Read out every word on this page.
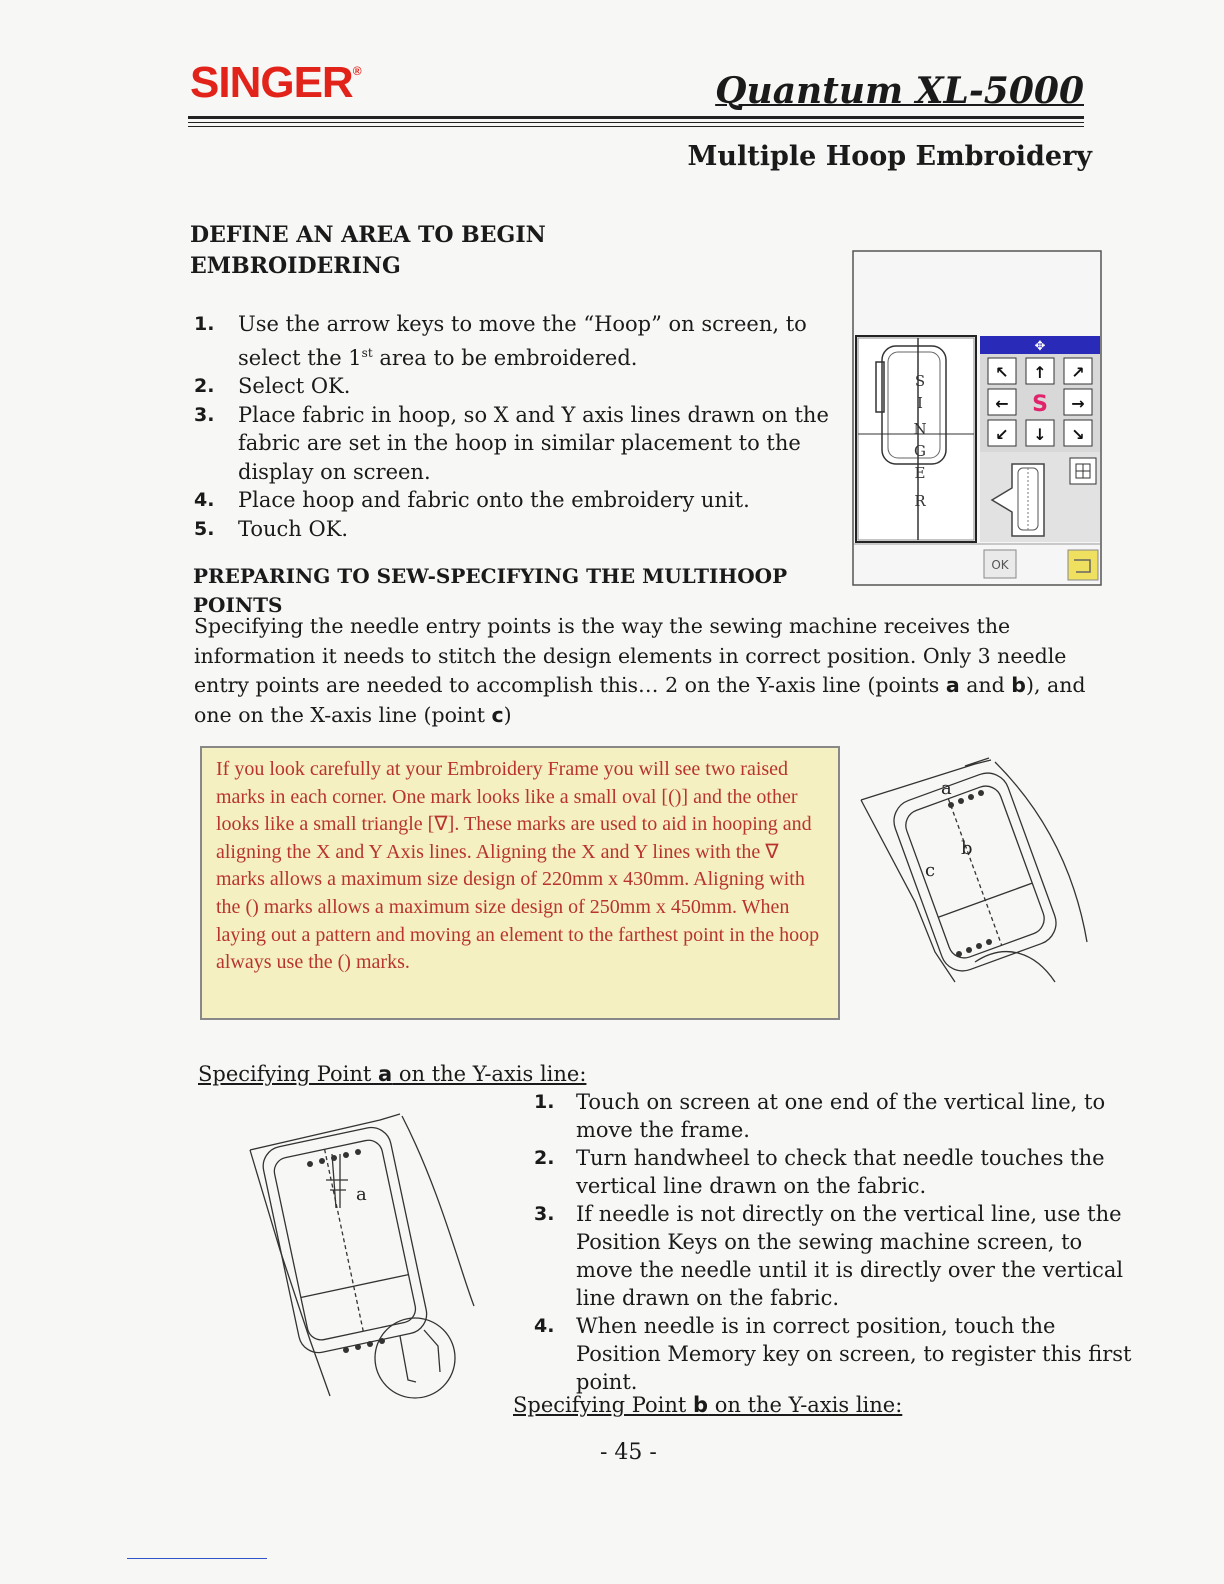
SINGER®	Quantum XL-5000
Multiple Hoop Embroidery
DEFINE AN AREA TO BEGIN EMBROIDERING
1. Use the arrow keys to move the “Hoop” on screen, to select the 1st area to be embroidered.
2. Select OK.
3. Place fabric in hoop, so X and Y axis lines drawn on the fabric are set in the hoop in similar placement to the display on screen.
4. Place hoop and fabric onto the embroidery unit.
5. Touch OK.
S
I
N
G
E
R
✥
↖ ↑ ↗
← S →
↙ ↓ ↘
OK
PREPARING TO SEW-SPECIFYING THE MULTIHOOP POINTS

Specifying the needle entry points is the way the sewing machine receives the information it needs to stitch the design elements in correct position. Only 3 needle entry points are needed to accomplish this… 2 on the Y-axis line (points a and b), and one on the X-axis line (point c)

If you look carefully at your Embroidery Frame you will see two raised marks in each corner. One mark looks like a small oval [()] and the other looks like a small triangle [∇]. These marks are used to aid in hooping and aligning the X and Y Axis lines. Aligning the X and Y lines with the ∇ marks allows a maximum size design of 220mm x 430mm. Aligning with the () marks allows a maximum size design of 250mm x 450mm. When laying out a pattern and moving an element to the farthest point in the hoop always use the () marks.
a
b
c
Specifying Point a on the Y-axis line:
a
1. Touch on screen at one end of the vertical line, to move the frame.
2. Turn handwheel to check that needle touches the vertical line drawn on the fabric.
3. If needle is not directly on the vertical line, use the Position Keys on the sewing machine screen, to move the needle until it is directly over the vertical line drawn on the fabric.
4. When needle is in correct position, touch the Position Memory key on screen, to register this first point.
Specifying Point b on the Y-axis line:
- 45 -
